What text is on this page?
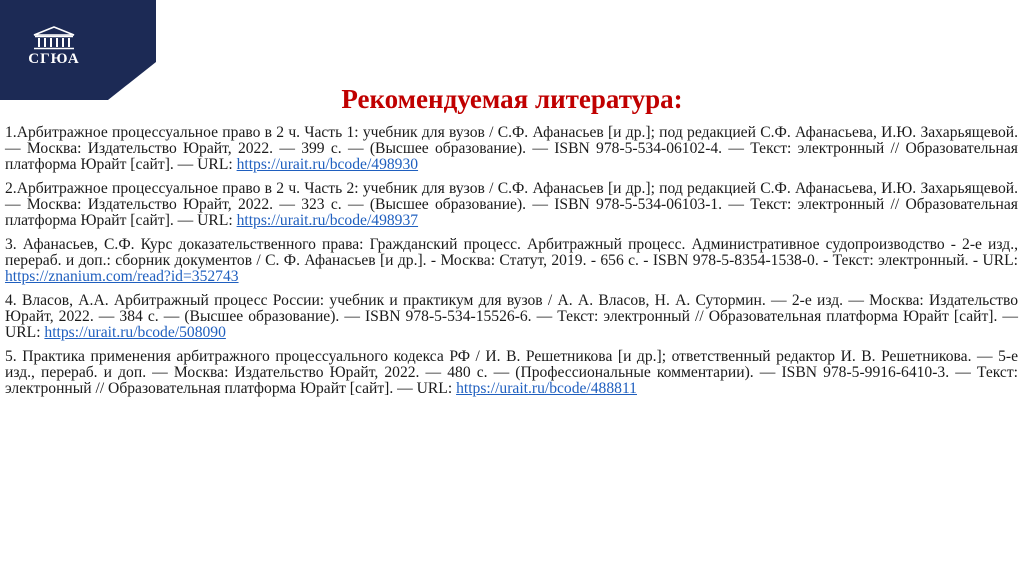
СГЮА
Рекомендуемая литература:

1.Арбитражное процессуальное право в 2 ч. Часть 1: учебник для вузов / С.Ф. Афанасьев [и др.]; под редакцией С.Ф. Афанасьева, И.Ю. Захарьящевой. — Москва: Издательство Юрайт, 2022. — 399 с. — (Высшее образование). — ISBN 978-5-534-06102-4. — Текст: электронный // Образовательная платформа Юрайт [сайт]. — URL: https://urait.ru/bcode/498930

2.Арбитражное процессуальное право в 2 ч. Часть 2: учебник для вузов / С.Ф. Афанасьев [и др.]; под редакцией С.Ф. Афанасьева, И.Ю. Захарьящевой. — Москва: Издательство Юрайт, 2022. — 323 с. — (Высшее образование). — ISBN 978-5-534-06103-1. — Текст: электронный // Образовательная платформа Юрайт [сайт]. — URL: https://urait.ru/bcode/498937

3. Афанасьев, С.Ф. Курс доказательственного права: Гражданский процесс. Арбитражный процесс. Административное судопроизводство - 2-е изд., перераб. и доп.: сборник документов / С. Ф. Афанасьев [и др.]. - Москва: Статут, 2019. - 656 с. - ISBN 978-5-8354-1538-0. - Текст: электронный. - URL: https://znanium.com/read?id=352743

4. Власов, А.А. Арбитражный процесс России: учебник и практикум для вузов / А. А. Власов, Н. А. Сутормин. — 2-е изд. — Москва: Издательство Юрайт, 2022. — 384 с. — (Высшее образование). — ISBN 978-5-534-15526-6. — Текст: электронный // Образовательная платформа Юрайт [сайт]. — URL: https://urait.ru/bcode/508090

5. Практика применения арбитражного процессуального кодекса РФ / И. В. Решетникова [и др.]; ответственный редактор И. В. Решетникова. — 5-е изд., перераб. и доп. — Москва: Издательство Юрайт, 2022. — 480 с. — (Профессиональные комментарии). — ISBN 978-5-9916-6410-3. — Текст: электронный // Образовательная платформа Юрайт [сайт]. — URL: https://urait.ru/bcode/488811
